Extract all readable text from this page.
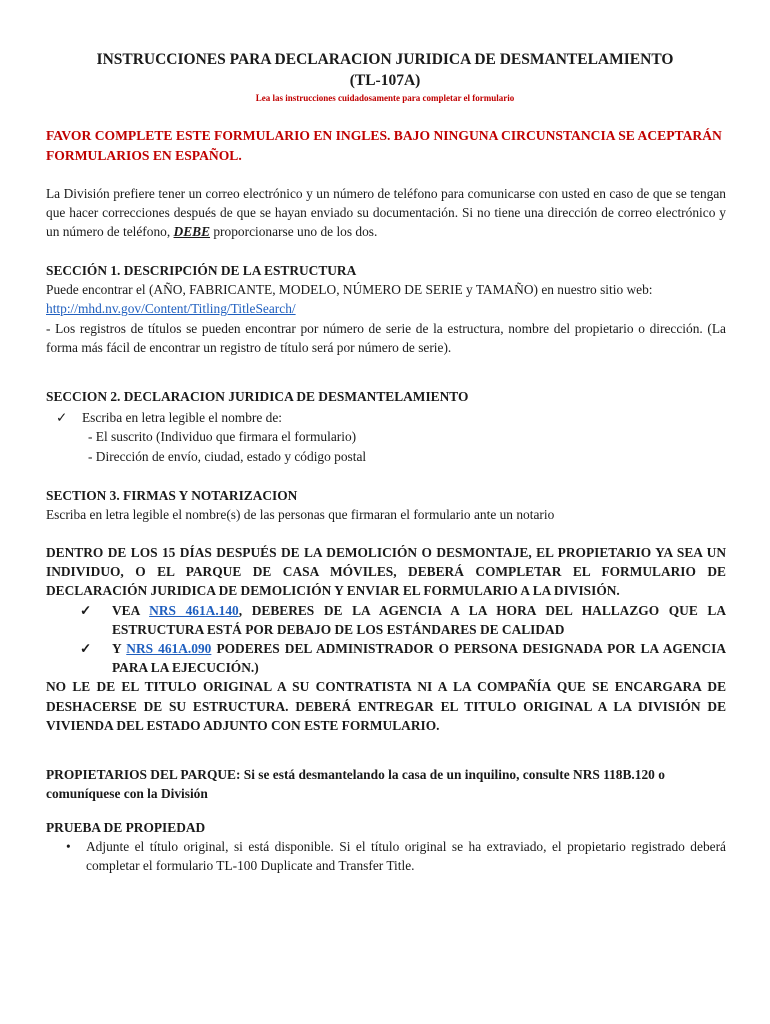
INSTRUCCIONES PARA DECLARACION JURIDICA DE DESMANTELAMIENTO
(TL-107A)
Lea las instrucciones cuidadosamente para completar el formulario
FAVOR COMPLETE ESTE FORMULARIO EN INGLES. BAJO NINGUNA CIRCUNSTANCIA SE ACEPTARÁN FORMULARIOS EN ESPAÑOL.
La División prefiere tener un correo electrónico y un número de teléfono para comunicarse con usted en caso de que se tengan que hacer correcciones después de que se hayan enviado su documentación. Si no tiene una dirección de correo electrónico y un número de teléfono, DEBE proporcionarse uno de los dos.
SECCIÓN 1. DESCRIPCIÓN DE LA ESTRUCTURA
Puede encontrar el (AÑO, FABRICANTE, MODELO, NÚMERO DE SERIE y TAMAÑO) en nuestro sitio web:
http://mhd.nv.gov/Content/Titling/TitleSearch/
- Los registros de títulos se pueden encontrar por número de serie de la estructura, nombre del propietario o dirección. (La forma más fácil de encontrar un registro de título será por número de serie).
SECCION 2. DECLARACION JURIDICA DE DESMANTELAMIENTO
✓ Escriba en letra legible el nombre de:
- El suscrito (Individuo que firmara el formulario)
- Dirección de envío, ciudad, estado y código postal
SECTION 3. FIRMAS Y NOTARIZACION
Escriba en letra legible el nombre(s) de las personas que firmaran el formulario ante un notario
DENTRO DE LOS 15 DÍAS DESPUÉS DE LA DEMOLICIÓN O DESMONTAJE, EL PROPIETARIO YA SEA UN INDIVIDUO, O EL PARQUE DE CASA MÓVILES, DEBERÁ COMPLETAR EL FORMULARIO DE DECLARACIÓN JURIDICA DE DEMOLICIÓN Y ENVIAR EL FORMULARIO A LA DIVISIÓN.
✓ VEA NRS 461A.140, DEBERES DE LA AGENCIA A LA HORA DEL HALLAZGO QUE LA ESTRUCTURA ESTÁ POR DEBAJO DE LOS ESTÁNDARES DE CALIDAD
✓ Y NRS 461A.090 PODERES DEL ADMINISTRADOR O PERSONA DESIGNADA POR LA AGENCIA PARA LA EJECUCIÓN.)
NO LE DE EL TITULO ORIGINAL A SU CONTRATISTA NI A LA COMPAÑÍA QUE SE ENCARGARA DE DESHACERSE DE SU ESTRUCTURA. DEBERÁ ENTREGAR EL TITULO ORIGINAL A LA DIVISIÓN DE VIVIENDA DEL ESTADO ADJUNTO CON ESTE FORMULARIO.
PROPIETARIOS DEL PARQUE: Si se está desmantelando la casa de un inquilino, consulte NRS 118B.120 o comuníquese con la División
PRUEBA DE PROPIEDAD
• Adjunte el título original, si está disponible. Si el título original se ha extraviado, el propietario registrado deberá completar el formulario TL-100 Duplicate and Transfer Title.
